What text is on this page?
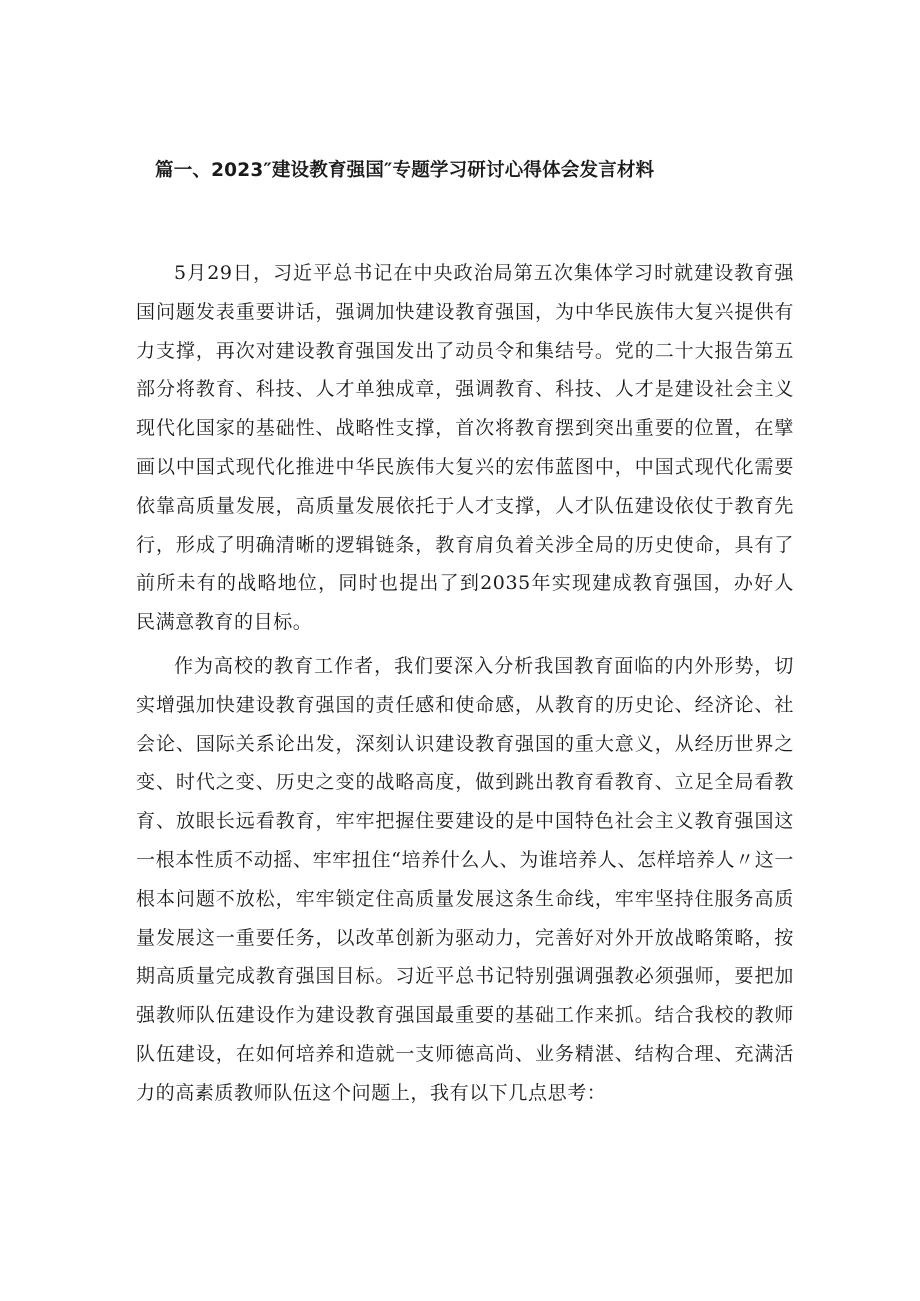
篇一、2023″建设教育强国″专题学习研讨心得体会发言材料

5月29日，习近平总书记在中央政治局第五次集体学习时就建设教育强国问题发表重要讲话，强调加快建设教育强国，为中华民族伟大复兴提供有力支撑，再次对建设教育强国发出了动员令和集结号。党的二十大报告第五部分将教育、科技、人才单独成章，强调教育、科技、人才是建设社会主义现代化国家的基础性、战略性支撑，首次将教育摆到突出重要的位置，在擘画以中国式现代化推进中华民族伟大复兴的宏伟蓝图中，中国式现代化需要依靠高质量发展，高质量发展依托于人才支撑，人才队伍建设依仗于教育先行，形成了明确清晰的逻辑链条，教育肩负着关涉全局的历史使命，具有了前所未有的战略地位，同时也提出了到2035年实现建成教育强国，办好人民满意教育的目标。

作为高校的教育工作者，我们要深入分析我国教育面临的内外形势，切实增强加快建设教育强国的责任感和使命感，从教育的历史论、经济论、社会论、国际关系论出发，深刻认识建设教育强国的重大意义，从经历世界之变、时代之变、历史之变的战略高度，做到跳出教育看教育、立足全局看教育、放眼长远看教育，牢牢把握住要建设的是中国特色社会主义教育强国这一根本性质不动摇、牢牢扭住“培养什么人、为谁培养人、怎样培养人〃这一根本问题不放松，牢牢锁定住高质量发展这条生命线，牢牢坚持住服务高质量发展这一重要任务，以改革创新为驱动力，完善好对外开放战略策略，按期高质量完成教育强国目标。习近平总书记特别强调强教必须强师，要把加强教师队伍建设作为建设教育强国最重要的基础工作来抓。结合我校的教师队伍建设，在如何培养和造就一支师德高尚、业务精湛、结构合理、充满活力的高素质教师队伍这个问题上，我有以下几点思考：
